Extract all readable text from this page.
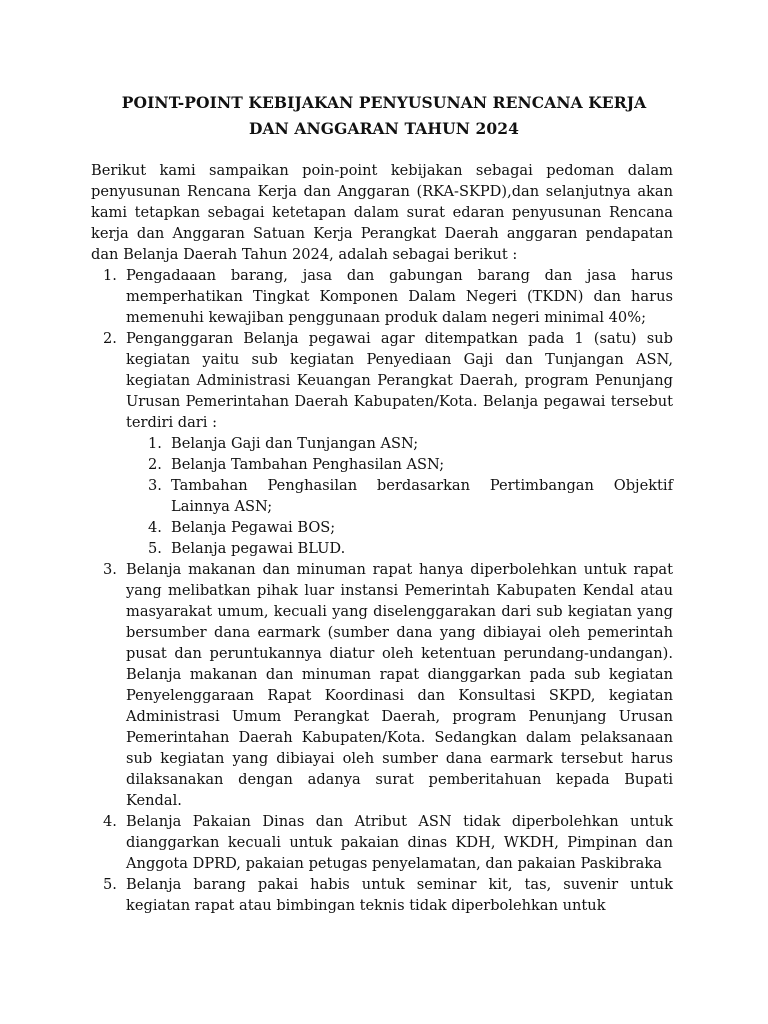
POINT-POINT KEBIJAKAN PENYUSUNAN RENCANA KERJA
DAN ANGGARAN TAHUN 2024

Berikut kami sampaikan poin-point kebijakan sebagai pedoman dalam penyusunan Rencana Kerja dan Anggaran (RKA-SKPD),dan selanjutnya akan kami tetapkan sebagai ketetapan dalam surat edaran penyusunan Rencana kerja dan Anggaran Satuan Kerja Perangkat Daerah anggaran pendapatan dan Belanja Daerah Tahun 2024, adalah sebagai berikut :

1. Pengadaaan barang, jasa dan gabungan barang dan jasa harus memperhatikan Tingkat Komponen Dalam Negeri (TKDN) dan harus memenuhi kewajiban penggunaan produk dalam negeri minimal 40%;
2. Penganggaran Belanja pegawai agar ditempatkan pada 1 (satu) sub kegiatan yaitu sub kegiatan Penyediaan Gaji dan Tunjangan ASN, kegiatan Administrasi Keuangan Perangkat Daerah, program Penunjang Urusan Pemerintahan Daerah Kabupaten/Kota. Belanja pegawai tersebut terdiri dari :
1. Belanja Gaji dan Tunjangan ASN;
2. Belanja Tambahan Penghasilan ASN;
3. Tambahan Penghasilan berdasarkan Pertimbangan Objektif Lainnya ASN;
4. Belanja Pegawai BOS;
5. Belanja pegawai BLUD.
3. Belanja makanan dan minuman rapat hanya diperbolehkan untuk rapat yang melibatkan pihak luar instansi Pemerintah Kabupaten Kendal atau masyarakat umum, kecuali yang diselenggarakan dari sub kegiatan yang bersumber dana earmark (sumber dana yang dibiayai oleh pemerintah pusat dan peruntukannya diatur oleh ketentuan perundang-undangan). Belanja makanan dan minuman rapat dianggarkan pada sub kegiatan Penyelenggaraan Rapat Koordinasi dan Konsultasi SKPD, kegiatan Administrasi Umum Perangkat Daerah, program Penunjang Urusan Pemerintahan Daerah Kabupaten/Kota. Sedangkan dalam pelaksanaan sub kegiatan yang dibiayai oleh sumber dana earmark tersebut harus dilaksanakan dengan adanya surat pemberitahuan kepada Bupati Kendal.
4. Belanja Pakaian Dinas dan Atribut ASN tidak diperbolehkan untuk dianggarkan kecuali untuk pakaian dinas KDH, WKDH, Pimpinan dan Anggota DPRD, pakaian petugas penyelamatan, dan pakaian Paskibraka
5. Belanja barang pakai habis untuk seminar kit, tas, suvenir untuk kegiatan rapat atau bimbingan teknis tidak diperbolehkan untuk
